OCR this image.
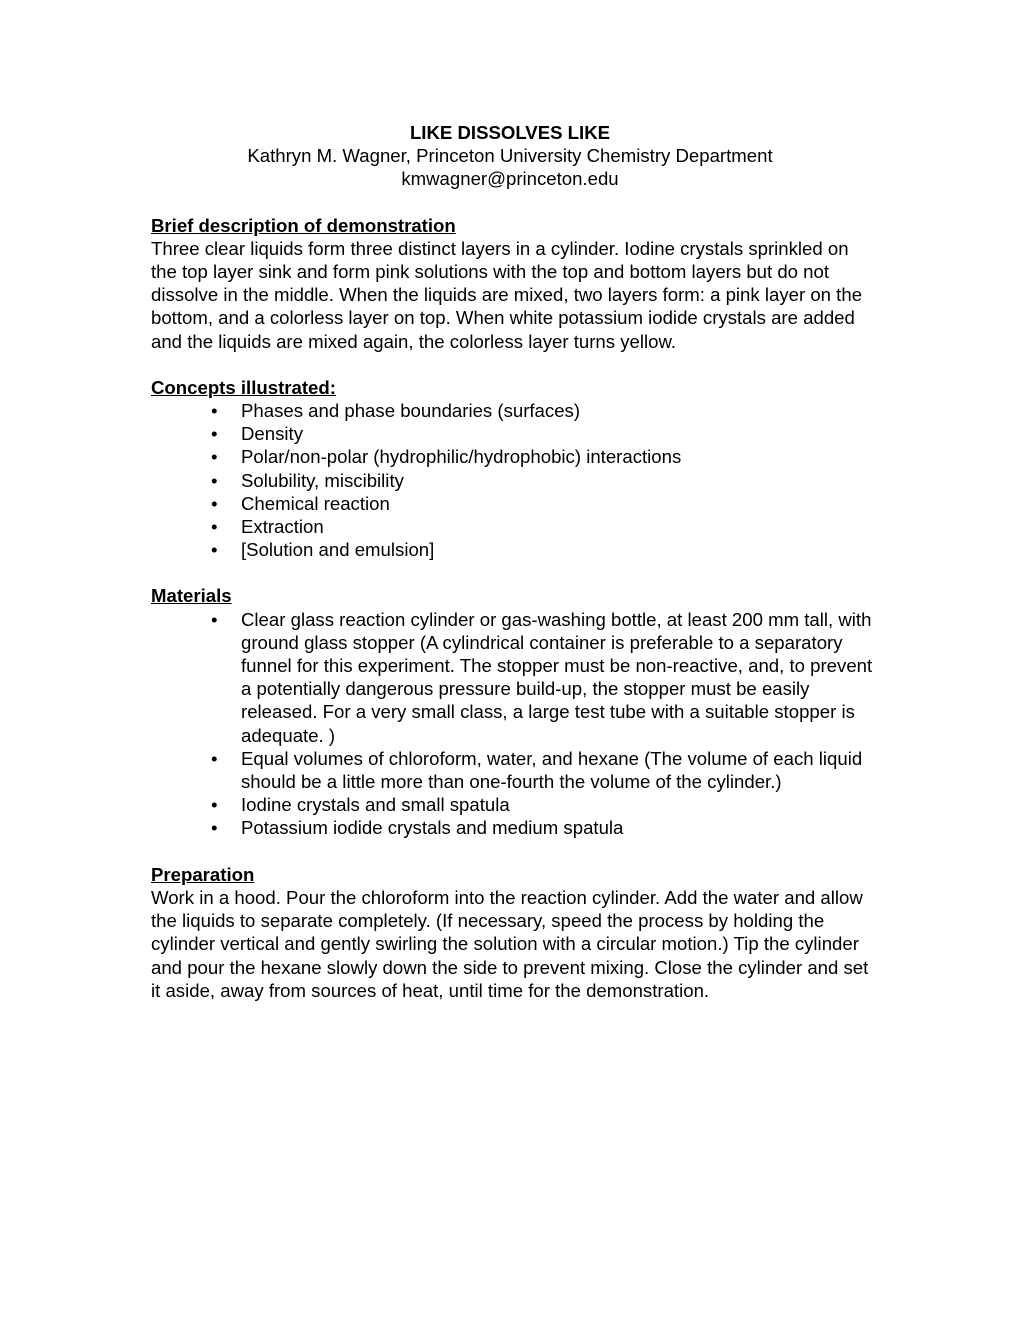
LIKE DISSOLVES LIKE
Kathryn M. Wagner, Princeton University Chemistry Department
kmwagner@princeton.edu
Brief description of demonstration

Three clear liquids form three distinct layers in a cylinder. Iodine crystals sprinkled on the top layer sink and form pink solutions with the top and bottom layers but do not dissolve in the middle. When the liquids are mixed, two layers form: a pink layer on the bottom, and a colorless layer on top. When white potassium iodide crystals are added and the liquids are mixed again, the colorless layer turns yellow.

Concepts illustrated:
• Phases and phase boundaries (surfaces)
• Density
• Polar/non-polar (hydrophilic/hydrophobic) interactions
• Solubility, miscibility
• Chemical reaction
• Extraction
• [Solution and emulsion]
Materials
• Clear glass reaction cylinder or gas-washing bottle, at least 200 mm tall, with ground glass stopper (A cylindrical container is preferable to a separatory funnel for this experiment. The stopper must be non-reactive, and, to prevent a potentially dangerous pressure build-up, the stopper must be easily released. For a very small class, a large test tube with a suitable stopper is adequate. )
• Equal volumes of chloroform, water, and hexane (The volume of each liquid should be a little more than one-fourth the volume of the cylinder.)
• Iodine crystals and small spatula
• Potassium iodide crystals and medium spatula
Preparation

Work in a hood. Pour the chloroform into the reaction cylinder. Add the water and allow the liquids to separate completely. (If necessary, speed the process by holding the cylinder vertical and gently swirling the solution with a circular motion.) Tip the cylinder and pour the hexane slowly down the side to prevent mixing. Close the cylinder and set it aside, away from sources of heat, until time for the demonstration.
